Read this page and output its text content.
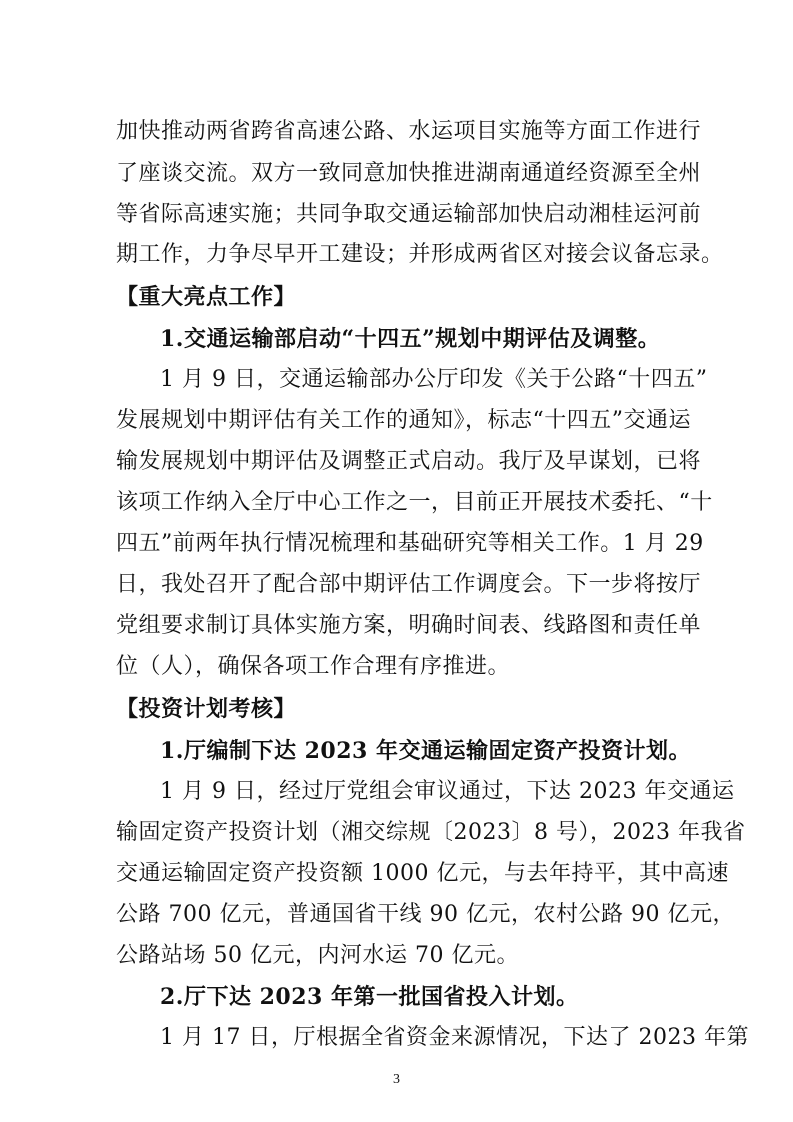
加快推动两省跨省高速公路、水运项目实施等方面工作进行
了座谈交流。双方一致同意加快推进湖南通道经资源至全州
等省际高速实施；共同争取交通运输部加快启动湘桂运河前
期工作，力争尽早开工建设；并形成两省区对接会议备忘录。
【重大亮点工作】
1.交通运输部启动“十四五”规划中期评估及调整。
1 月 9 日，交通运输部办公厅印发《关于公路“十四五”
发展规划中期评估有关工作的通知》，标志“十四五”交通运
输发展规划中期评估及调整正式启动。我厅及早谋划，已将
该项工作纳入全厅中心工作之一，目前正开展技术委托、“十
四五”前两年执行情况梳理和基础研究等相关工作。1 月 29
日，我处召开了配合部中期评估工作调度会。下一步将按厅
党组要求制订具体实施方案，明确时间表、线路图和责任单
位（人），确保各项工作合理有序推进。
【投资计划考核】
1.厅编制下达 2023 年交通运输固定资产投资计划。
1 月 9 日，经过厅党组会审议通过，下达 2023 年交通运
输固定资产投资计划（湘交综规〔2023〕8 号），2023 年我省
交通运输固定资产投资额 1000 亿元，与去年持平，其中高速
公路 700 亿元，普通国省干线 90 亿元，农村公路 90 亿元，
公路站场 50 亿元，内河水运 70 亿元。
2.厅下达 2023 年第一批国省投入计划。
3
1 月 17 日，厅根据全省资金来源情况，下达了 2023 年第
